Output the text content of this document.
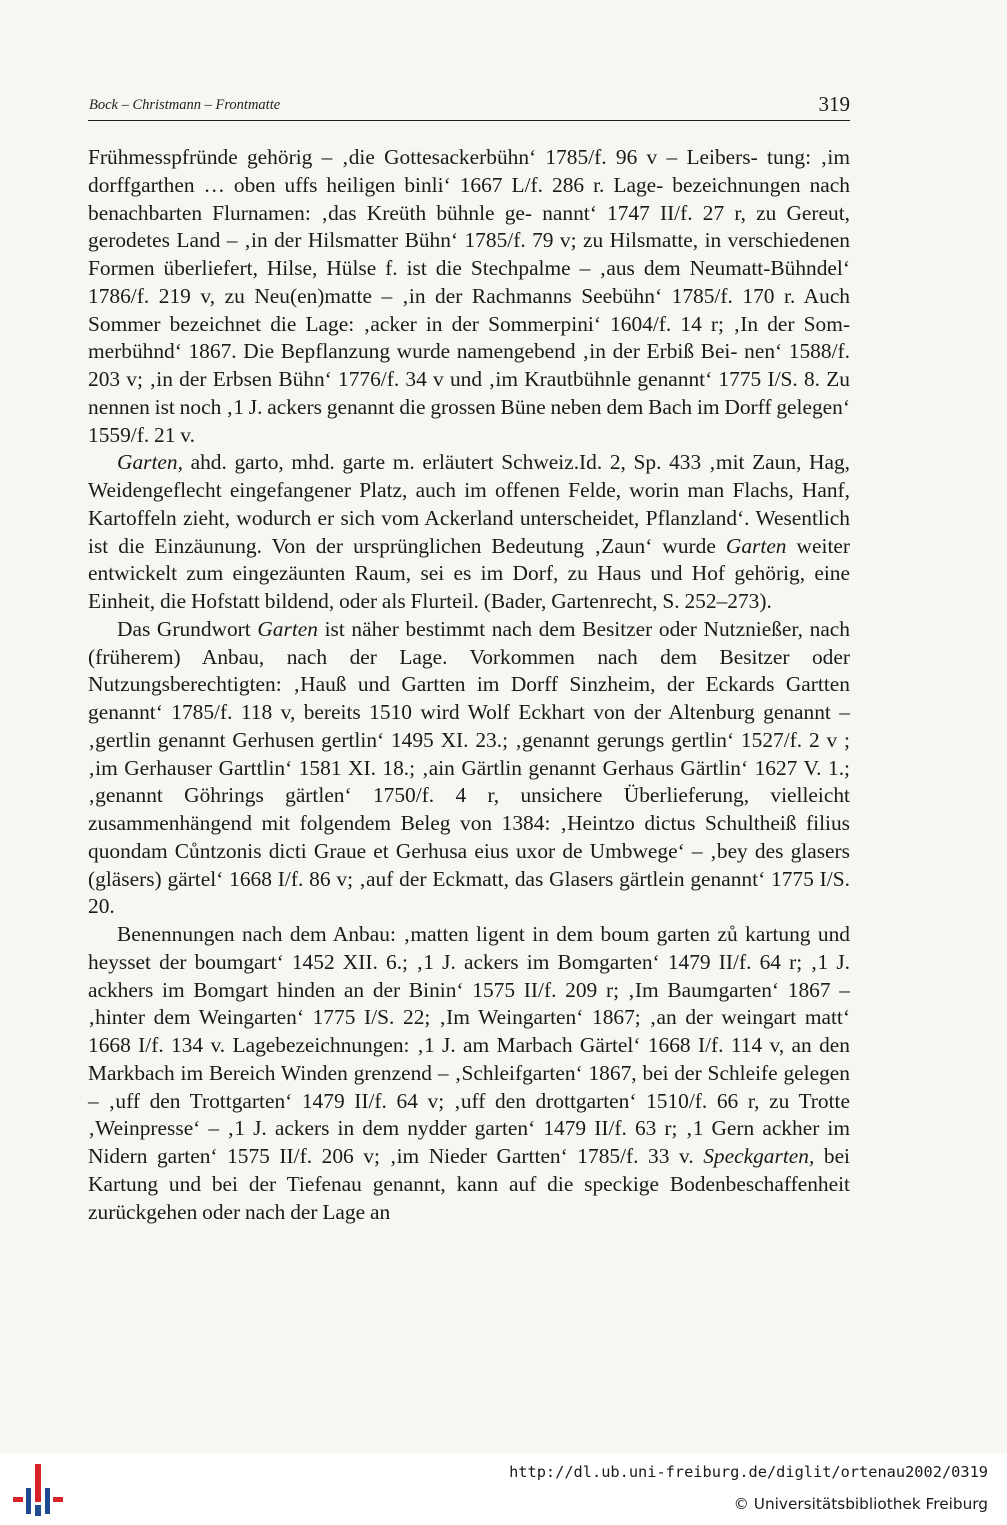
Bock – Christmann – Frontmatte	319

Frühmesspfründe gehörig – ‚die Gottesackerbühn‘ 1785/f. 96 v – Leibers- tung: ‚im dorffgarthen … oben uffs heiligen binli‘ 1667 L/f. 286 r. Lage- bezeichnungen nach benachbarten Flurnamen: ‚das Kreüth bühnle ge- nannt‘ 1747 II/f. 27 r, zu Gereut, gerodetes Land – ‚in der Hilsmatter Bühn‘ 1785/f. 79 v; zu Hilsmatte, in verschiedenen Formen überliefert, Hilse, Hülse f. ist die Stechpalme – ‚aus dem Neumatt-Bühndel‘ 1786/f. 219 v, zu Neu(en)matte – ‚in der Rachmanns Seebühn‘ 1785/f. 170 r. Auch Sommer bezeichnet die Lage: ‚acker in der Sommerpini‘ 1604/f. 14 r; ‚In der Som- merbühnd‘ 1867. Die Bepflanzung wurde namengebend ‚in der Erbiß Bei- nen‘ 1588/f. 203 v; ‚in der Erbsen Bühn‘ 1776/f. 34 v und ‚im Krautbühnle genannt‘ 1775 I/S. 8. Zu nennen ist noch ‚1 J. ackers genannt die grossen Büne neben dem Bach im Dorff gelegen‘ 1559/f. 21 v.

Garten, ahd. garto, mhd. garte m. erläutert Schweiz.Id. 2, Sp. 433 ‚mit Zaun, Hag, Weidengeflecht eingefangener Platz, auch im offenen Felde, worin man Flachs, Hanf, Kartoffeln zieht, wodurch er sich vom Ackerland unterscheidet, Pflanzland‘. Wesentlich ist die Einzäunung. Von der ursprünglichen Bedeutung ‚Zaun‘ wurde Garten weiter entwickelt zum eingezäunten Raum, sei es im Dorf, zu Haus und Hof gehörig, eine Einheit, die Hofstatt bildend, oder als Flurteil. (Bader, Gartenrecht, S. 252–273).

Das Grundwort Garten ist näher bestimmt nach dem Besitzer oder Nutznießer, nach (früherem) Anbau, nach der Lage. Vorkommen nach dem Besitzer oder Nutzungsberechtigten: ‚Hauß und Gartten im Dorff Sinzheim, der Eckards Gartten genannt‘ 1785/f. 118 v, bereits 1510 wird Wolf Eckhart von der Altenburg genannt – ‚gertlin genannt Gerhusen gertlin‘ 1495 XI. 23.; ‚genannt gerungs gertlin‘ 1527/f. 2 v ; ‚im Gerhauser Garttlin‘ 1581 XI. 18.; ‚ain Gärtlin genannt Gerhaus Gärtlin‘ 1627 V. 1.; ‚genannt Göhrings gärtlen‘ 1750/f. 4 r, unsichere Überlieferung, vielleicht zusammenhängend mit folgendem Beleg von 1384: ‚Heintzo dictus Schultheiß filius quondam Cůntzonis dicti Graue et Gerhusa eius uxor de Umbwege‘ – ‚bey des glasers (gläsers) gärtel‘ 1668 I/f. 86 v; ‚auf der Eckmatt, das Glasers gärtlein genannt‘ 1775 I/S. 20.

Benennungen nach dem Anbau: ‚matten ligent in dem boum garten zů kartung und heysset der boumgart‘ 1452 XII. 6.; ‚1 J. ackers im Bomgarten‘ 1479 II/f. 64 r; ‚1 J. ackhers im Bomgart hinden an der Binin‘ 1575 II/f. 209 r; ‚Im Baumgarten‘ 1867 – ‚hinter dem Weingarten‘ 1775 I/S. 22; ‚Im Weingarten‘ 1867; ‚an der weingart matt‘ 1668 I/f. 134 v. Lagebezeichnungen: ‚1 J. am Marbach Gärtel‘ 1668 I/f. 114 v, an den Markbach im Bereich Winden grenzend – ‚Schleifgarten‘ 1867, bei der Schleife gelegen – ‚uff den Trottgarten‘ 1479 II/f. 64 v; ‚uff den drottgarten‘ 1510/f. 66 r, zu Trotte ‚Weinpresse‘ – ‚1 J. ackers in dem nydder garten‘ 1479 II/f. 63 r; ‚1 Gern ackher im Nidern garten‘ 1575 II/f. 206 v; ‚im Nieder Gartten‘ 1785/f. 33 v. Speckgarten, bei Kartung und bei der Tiefenau genannt, kann auf die speckige Bodenbeschaffenheit zurückgehen oder nach der Lage an

http://dl.ub.uni-freiburg.de/diglit/ortenau2002/0319
© Universitätsbibliothek Freiburg
